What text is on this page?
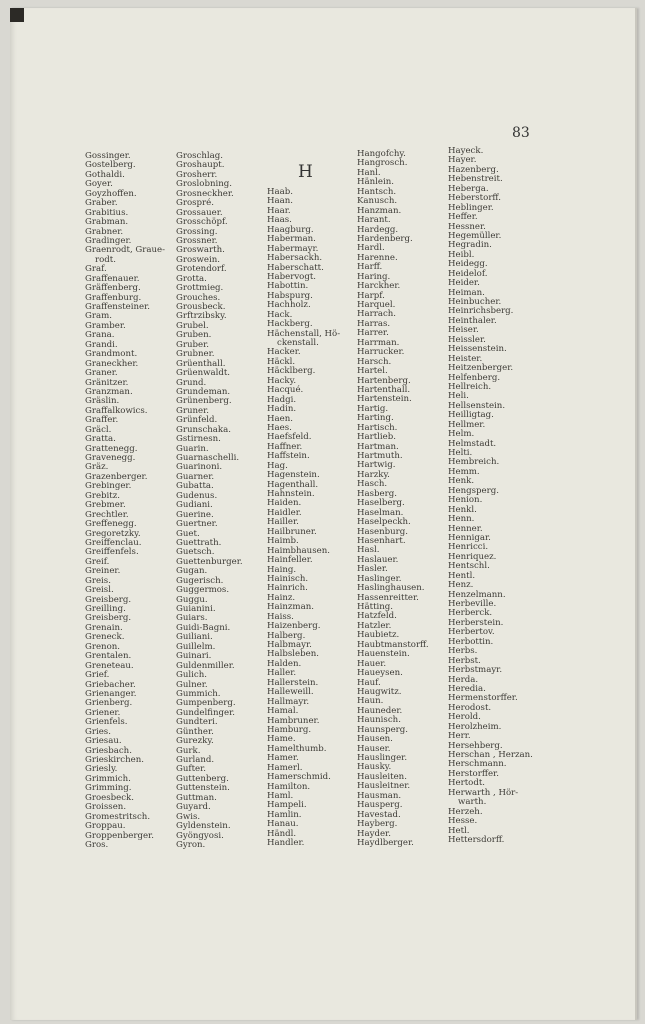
83
H
Gossinger.
Gostelberg.
Gothaldi.
Goyer.
Goyzhoffen.
Graber.
Grabitius.
Grabman.
Grabner.
Gradinger.
Graenrodt, Graue-
rodt.
Graf.
Graffenauer.
Gräffenberg.
Graffenburg.
Graffensteiner.
Gram.
Gramber.
Grana.
Grandi.
Grandmont.
Graneckher.
Graner.
Gränitzer.
Granzman.
Gräslin.
Graffalkowics.
Graffer.
Gräcl.
Gratta.
Grattenegg.
Gravenegg.
Gräz.
Grazenberger.
Grebinger.
Grebitz.
Grebmer.
Grechtler.
Greffenegg.
Gregoretzky.
Greiffenclau.
Greiffenfels.
Greif.
Greiner.
Greis.
Greisl.
Greisberg.
Greilling.
Greisberg.
Grenain.
Greneck.
Grenon.
Grentalen.
Greneteau.
Grief.
Griebacher.
Grienanger.
Grienberg.
Griener.
Grienfels.
Gries.
Griesau.
Griesbach.
Grieskirchen.
Griesly.
Grimmich.
Grimming.
Groesbeck.
Groissen.
Gromestritsch.
Groppau.
Groppenberger.
Gros.
Groschlag.
Groshaupt.
Grosherr.
Groslobning.
Grosneckher.
Grospré.
Grossauer.
Grosschöpf.
Grossing.
Grossner.
Groswarth.
Groswein.
Grotendorf.
Grotta.
Grottmieg.
Grouches.
Grousbeck.
Grftrzibsky.
Grubel.
Gruben.
Gruber.
Grubner.
Grüenthall.
Grüenwaldt.
Grund.
Grundeman.
Grünenberg.
Gruner.
Grünfeld.
Grunschaka.
Gstirnesn.
Guarin.
Guarnaschelli.
Guarinoni.
Guarner.
Gubatta.
Gudenus.
Gudiani.
Guerine.
Guertner.
Guet.
Guettrath.
Guetsch.
Guettenburger.
Gugan.
Gugerisch.
Guggermos.
Guggu.
Guianini.
Guiars.
Guidi-Bagni.
Guiliani.
Guillelm.
Guinari.
Guldenmiller.
Gulich.
Gulner.
Gummich.
Gumpenberg.
Gundelfinger.
Gundteri.
Günther.
Gurezky.
Gurk.
Gurland.
Gufter.
Guttenberg.
Guttenstein.
Guttman.
Guyard.
Gwis.
Gyldenstein.
Gyöngyosi.
Gyron.
Haab.
Haan.
Haar.
Haas.
Haagburg.
Haberman.
Habermayr.
Habersackh.
Haberschatt.
Habervogt.
Habottin.
Habspurg.
Hachholz.
Hack.
Hackberg.
Hächenstall, Hö-
ckenstall.
Hacker.
Häckl.
Häcklberg.
Hacky.
Hacqué.
Hadgi.
Hadin.
Haen.
Haes.
Haefsfeld.
Haffner.
Haffstein.
Hag.
Hagenstein.
Hagenthall.
Hahnstein.
Haiden.
Haidler.
Hailler.
Hailbruner.
Haimb.
Haimbhausen.
Hainfeller.
Haing.
Hainisch.
Hainrich.
Hainz.
Hainzman.
Haiss.
Haizenberg.
Halberg.
Halbmayr.
Halbsleben.
Halden.
Haller.
Hallerstein.
Halleweill.
Hallmayr.
Hamal.
Hambruner.
Hamburg.
Hame.
Hamelthumb.
Hamer.
Hamerl.
Hamerschmid.
Hamilton.
Haml.
Hampeli.
Hamlin.
Hanau.
Händl.
Handler.
Hangofchy.
Hangrosch.
Hanl.
Hänlein.
Hantsch.
Kanusch.
Hanzman.
Harant.
Hardegg.
Hardenberg.
Hardl.
Harenne.
Harff.
Haring.
Harckher.
Harpf.
Harquel.
Harrach.
Harras.
Harrer.
Harrman.
Harrucker.
Harsch.
Hartel.
Hartenberg.
Hartenthall.
Hartenstein.
Hartig.
Harting.
Hartisch.
Hartlieb.
Hartman.
Hartmuth.
Hartwig.
Harzky.
Hasch.
Hasberg.
Haselberg.
Haselman.
Haselpeckh.
Hasenburg.
Hasenhart.
Hasl.
Haslauer.
Hasler.
Haslinger.
Haslinghausen.
Hassenreitter.
Hätting.
Hatzfeld.
Hatzler.
Haubietz.
Haubtmanstorff.
Hauenstein.
Hauer.
Haueysen.
Hauf.
Haugwitz.
Haun.
Hauneder.
Haunisch.
Haunsperg.
Hausen.
Hauser.
Hauslinger.
Hausky.
Hausleiten.
Hausleitner.
Hausman.
Hausperg.
Havestad.
Hayberg.
Hayder.
Haydlberger.
Hayeck.
Hayer.
Hazenberg.
Hebenstreit.
Heberga.
Heberstorff.
Heblinger.
Heffer.
Hessner.
Hegemüller.
Hegradin.
Heibl.
Heidegg.
Heidelof.
Heider.
Heiman.
Heinbucher.
Heinrichsberg.
Heinthaler.
Heiser.
Heissler.
Heissenstein.
Heister.
Heitzenberger.
Helfenberg.
Hellreich.
Heli.
Hellsenstein.
Heilligtag.
Hellmer.
Helm.
Helmstadt.
Helti.
Hembreich.
Hemm.
Henk.
Hengsperg.
Henion.
Henkl.
Henn.
Henner.
Hennigar.
Henricci.
Henriquez.
Hentschl.
Hentl.
Henz.
Henzelmann.
Herbeville.
Herberck.
Herberstein.
Herbertov.
Herbottin.
Herbs.
Herbst.
Herbstmayr.
Herda.
Heredia.
Hermenstorffer.
Herodost.
Herold.
Herolzheim.
Herr.
Hersehberg.
Herschan , Herzan.
Herschmann.
Herstorffer.
Hertodt.
Herwarth , Hör-
warth.
Herzeh.
Hesse.
Hetl.
Hettersdorff.
